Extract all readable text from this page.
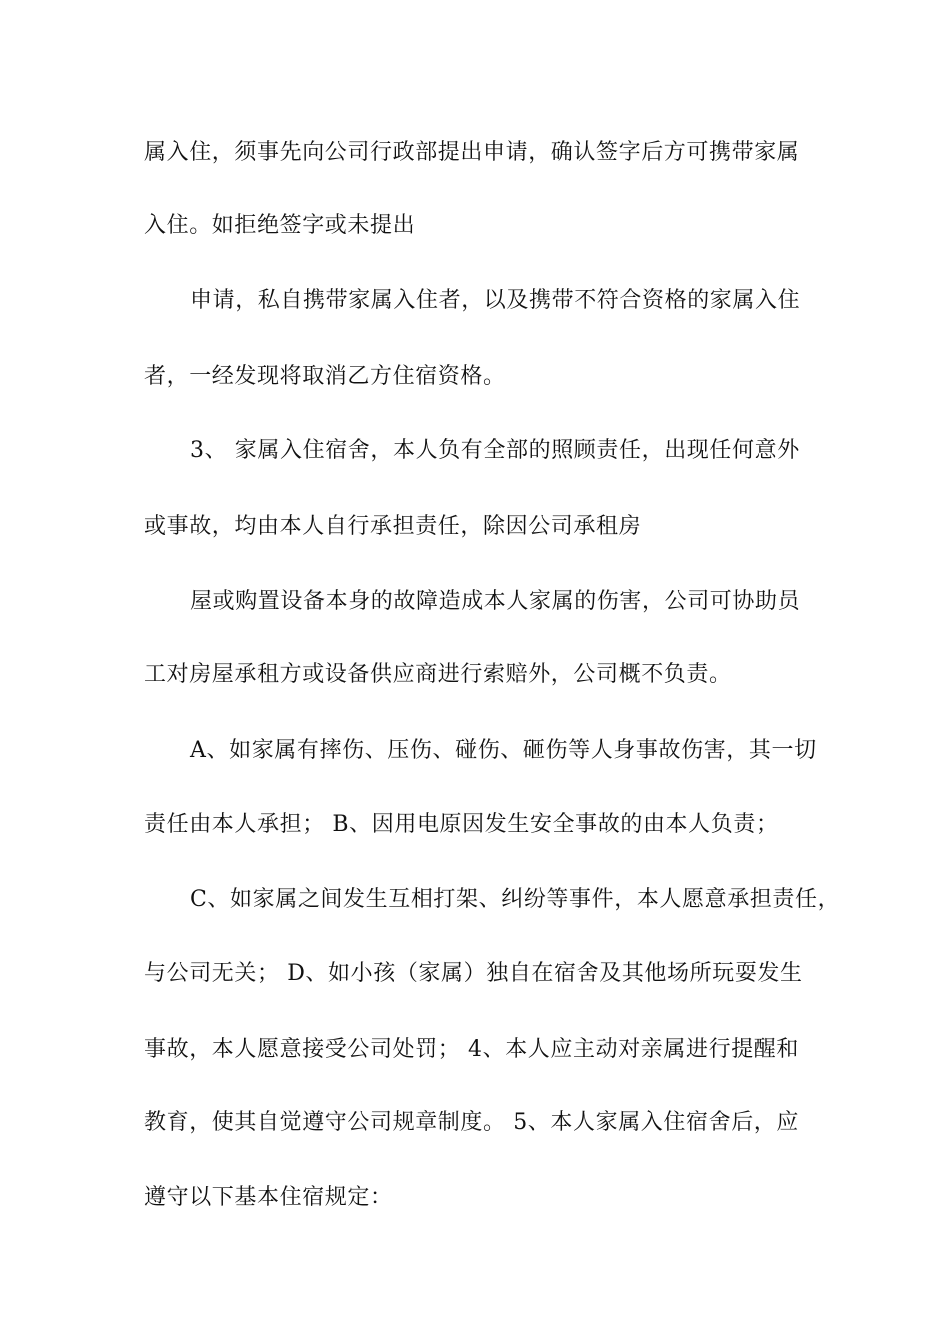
属入住，须事先向公司行政部提出申请，确认签字后方可携带家属
入住。如拒绝签字或未提出
申请，私自携带家属入住者，以及携带不符合资格的家属入住
者，一经发现将取消乙方住宿资格。
3、 家属入住宿舍，本人负有全部的照顾责任，出现任何意外
或事故，均由本人自行承担责任，除因公司承租房
屋或购置设备本身的故障造成本人家属的伤害，公司可协助员
工对房屋承租方或设备供应商进行索赔外，公司概不负责。
A、如家属有摔伤、压伤、碰伤、砸伤等人身事故伤害，其一切
责任由本人承担； B、因用电原因发生安全事故的由本人负责；
C、如家属之间发生互相打架、纠纷等事件，本人愿意承担责任，
与公司无关； D、如小孩（家属）独自在宿舍及其他场所玩耍发生
事故，本人愿意接受公司处罚； 4、本人应主动对亲属进行提醒和
教育，使其自觉遵守公司规章制度。 5、本人家属入住宿舍后，应
遵守以下基本住宿规定：
